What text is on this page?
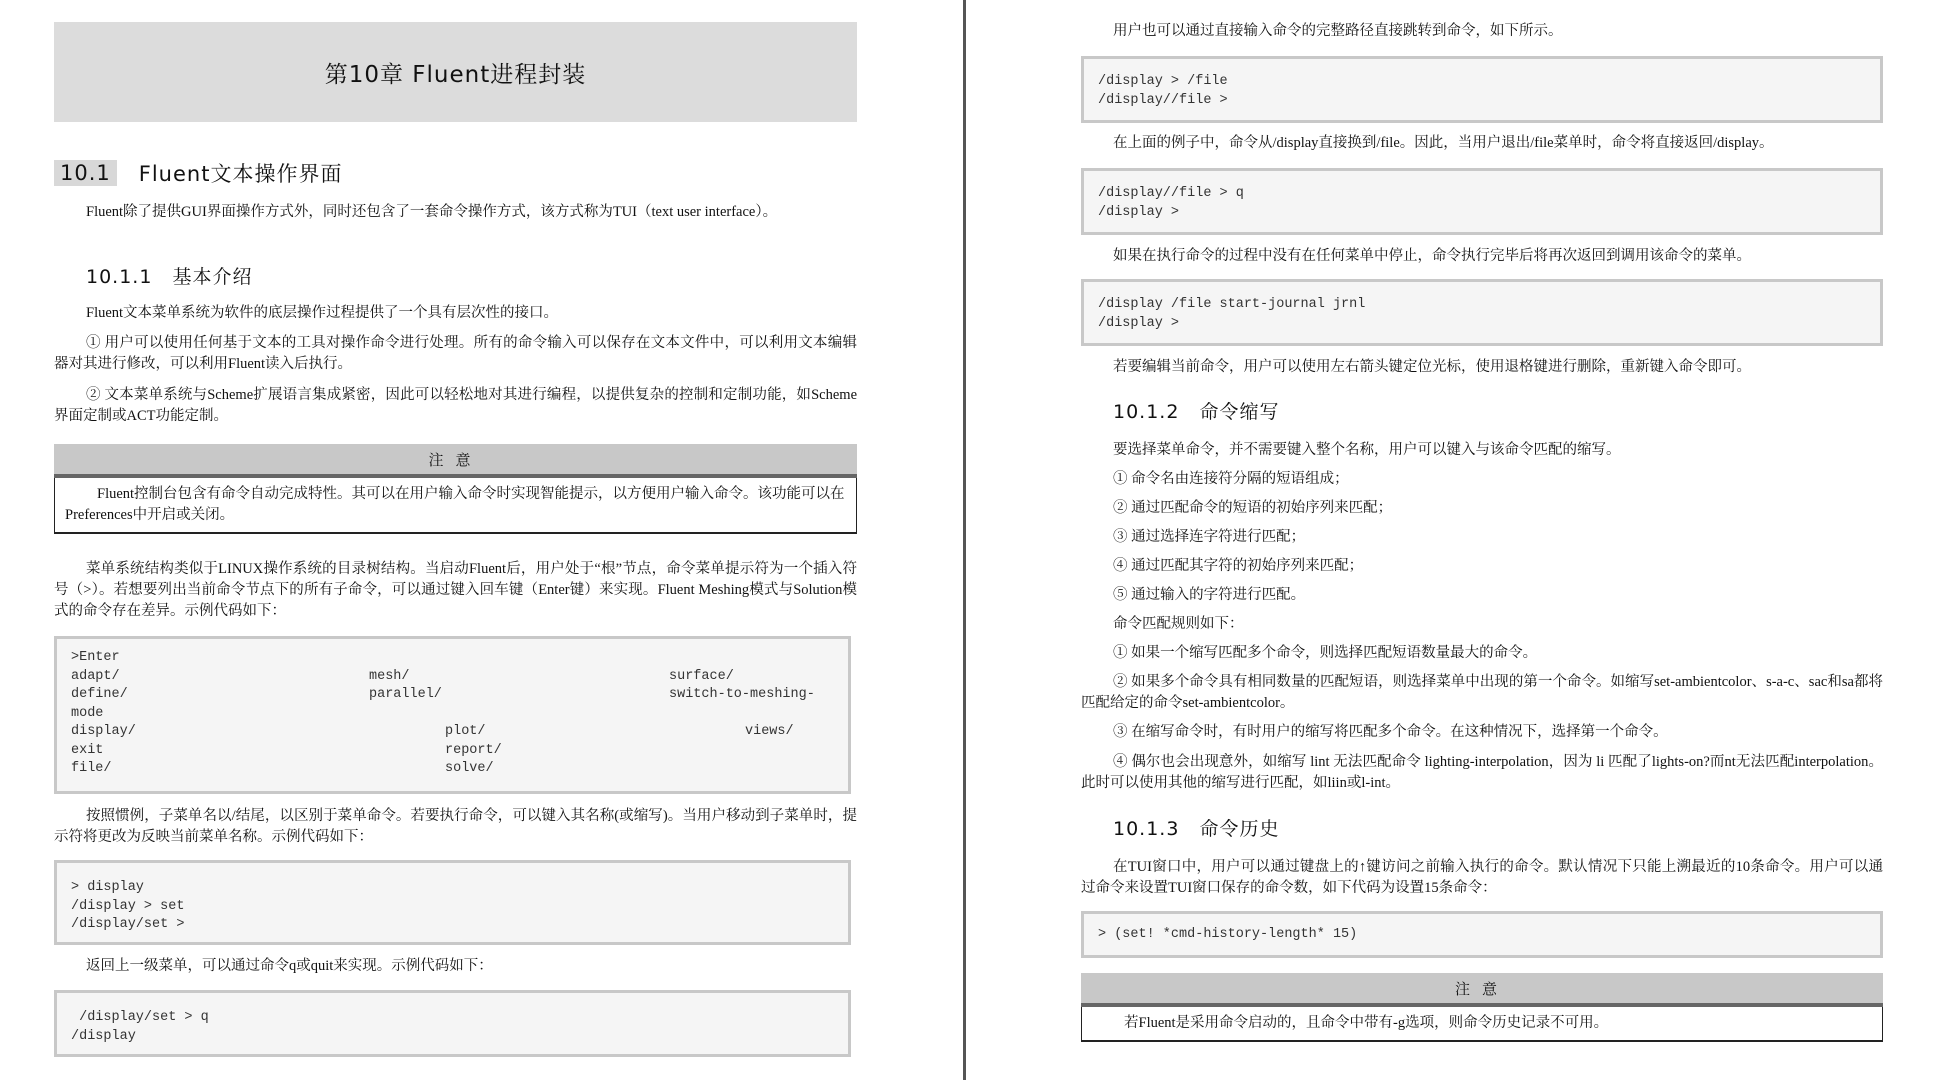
第10章 Fluent进程封装
10.1 Fluent文本操作界面
Fluent除了提供GUI界面操作方式外，同时还包含了一套命令操作方式，该方式称为TUI（text user interface）。
10.1.1 基本介绍
Fluent文本菜单系统为软件的底层操作过程提供了一个具有层次性的接口。
① 用户可以使用任何基于文本的工具对操作命令进行处理。所有的命令输入可以保存在文本文件中，可以利用文本编辑器对其进行修改，可以利用Fluent读入后执行。
② 文本菜单系统与Scheme扩展语言集成紧密，因此可以轻松地对其进行编程，以提供复杂的控制和定制功能，如Scheme界面定制或ACT功能定制。
注意
Fluent控制台包含有命令自动完成特性。其可以在用户输入命令时实现智能提示，以方便用户输入命令。该功能可以在Preferences中开启或关闭。
菜单系统结构类似于LINUX操作系统的目录树结构。当启动Fluent后，用户处于“根”节点，命令菜单提示符为一个插入符号（>）。若想要列出当前命令节点下的所有子命令，可以通过键入回车键（Enter键）来实现。Fluent Meshing模式与Solution模式的命令存在差异。示例代码如下：
>Enter
adapt/	mesh/	surface/
define/	parallel/	switch-to-meshing-
mode
display/	plot/	views/
exit	report/
file/	solve/
按照惯例，子菜单名以/结尾，以区别于菜单命令。若要执行命令，可以键入其名称(或缩写)。当用户移动到子菜单时，提示符将更改为反映当前菜单名称。示例代码如下：
> display
/display > set
/display/set >
返回上一级菜单，可以通过命令q或quit来实现。示例代码如下：
/display/set > q
/display
用户也可以通过直接输入命令的完整路径直接跳转到命令，如下所示。
/display > /file
/display//file >
在上面的例子中，命令从/display直接换到/file。因此，当用户退出/file菜单时，命令将直接返回/display。
/display//file > q
/display >
如果在执行命令的过程中没有在任何菜单中停止，命令执行完毕后将再次返回到调用该命令的菜单。
/display /file start-journal jrnl
/display >
若要编辑当前命令，用户可以使用左右箭头键定位光标，使用退格键进行删除，重新键入命令即可。
10.1.2 命令缩写
要选择菜单命令，并不需要键入整个名称，用户可以键入与该命令匹配的缩写。
① 命令名由连接符分隔的短语组成；
② 通过匹配命令的短语的初始序列来匹配；
③ 通过选择连字符进行匹配；
④ 通过匹配其字符的初始序列来匹配；
⑤ 通过输入的字符进行匹配。
命令匹配规则如下：
① 如果一个缩写匹配多个命令，则选择匹配短语数量最大的命令。
② 如果多个命令具有相同数量的匹配短语，则选择菜单中出现的第一个命令。如缩写set-ambientcolor、s-a-c、sac和sa都将匹配给定的命令set-ambientcolor。
③ 在缩写命令时，有时用户的缩写将匹配多个命令。在这种情况下，选择第一个命令。
④ 偶尔也会出现意外，如缩写 lint 无法匹配命令 lighting-interpolation，因为 li 匹配了lights-on?而nt无法匹配interpolation。此时可以使用其他的缩写进行匹配，如liin或l-int。
10.1.3 命令历史
在TUI窗口中，用户可以通过键盘上的↑键访问之前输入执行的命令。默认情况下只能上溯最近的10条命令。用户可以通过命令来设置TUI窗口保存的命令数，如下代码为设置15条命令：
> (set! *cmd-history-length* 15)
注意
若Fluent是采用命令启动的，且命令中带有-g选项，则命令历史记录不可用。
